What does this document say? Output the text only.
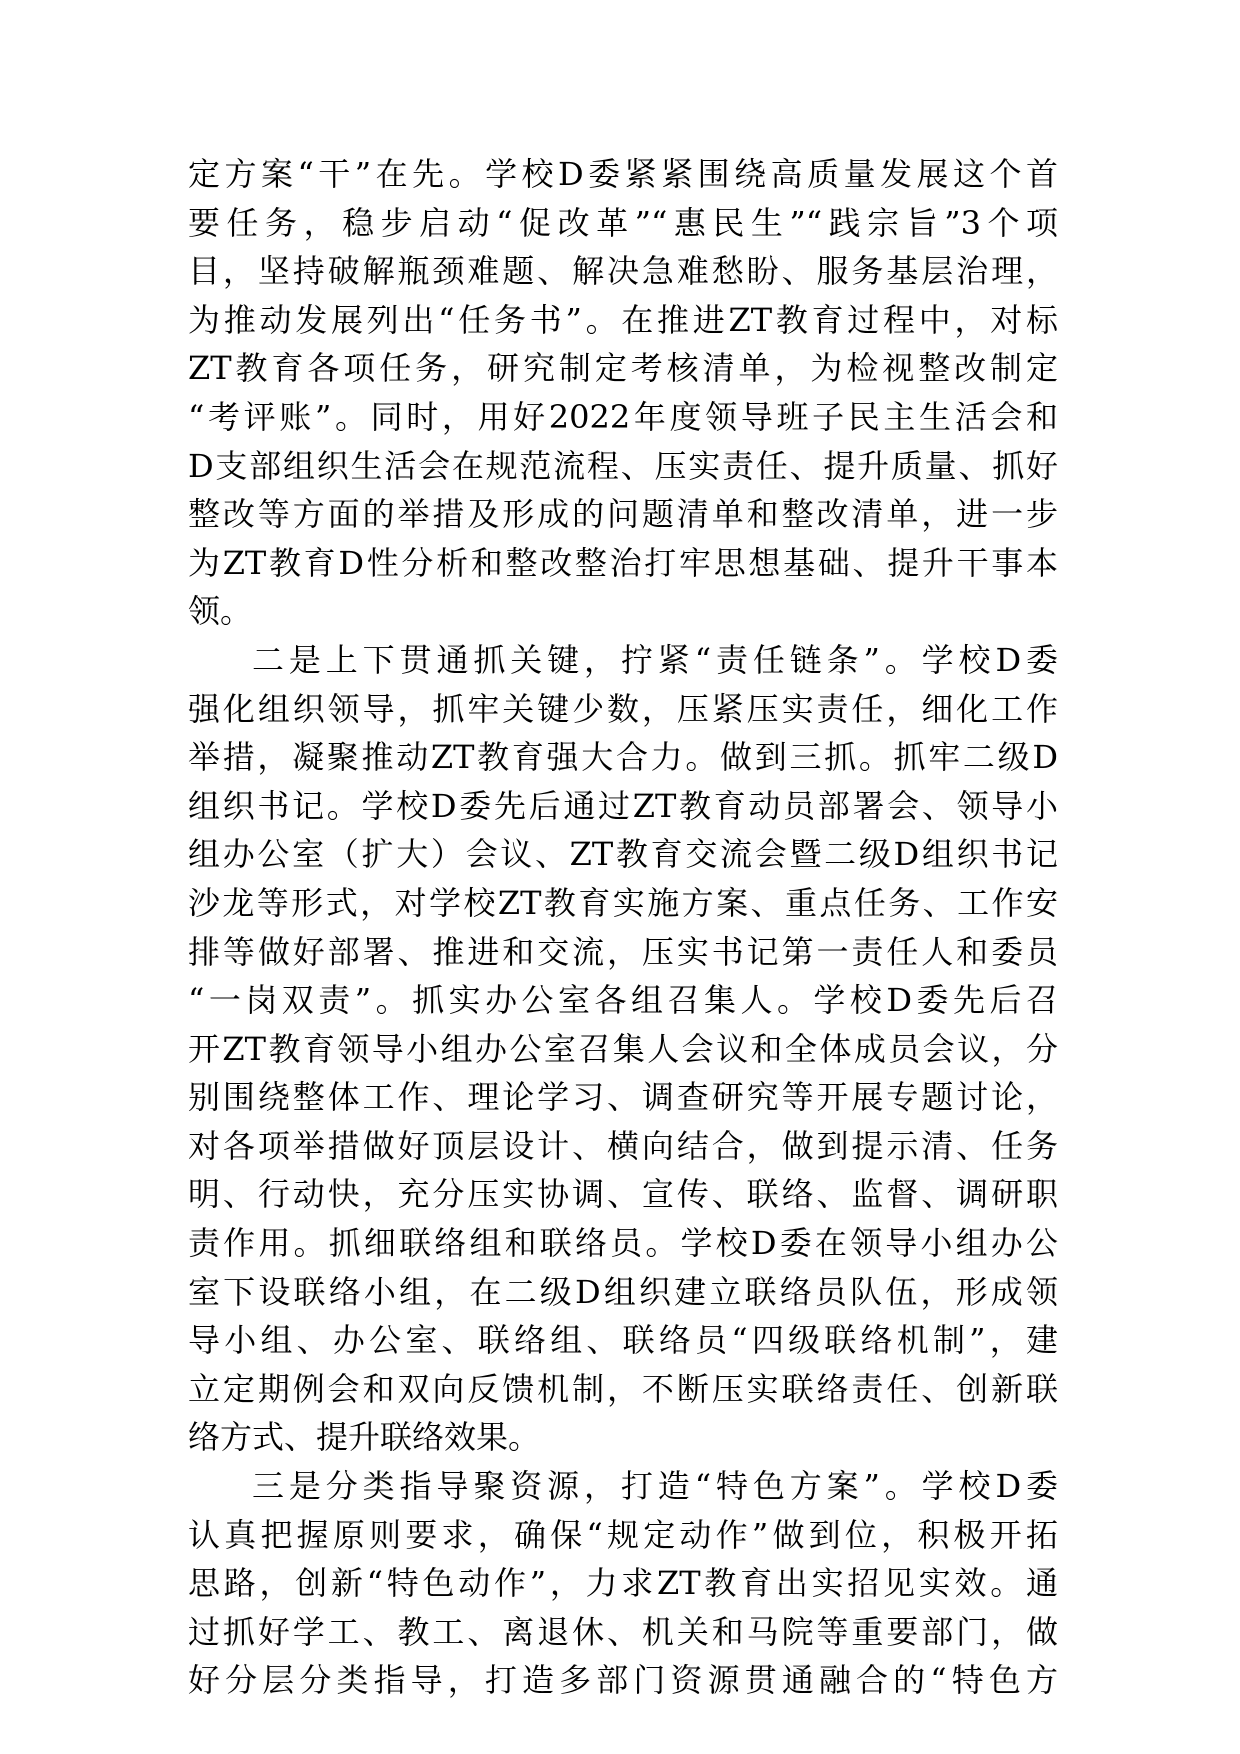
定方案“干”在先。学校D委紧紧围绕高质量发展这个首
要任务，稳步启动“促改革”“惠民生”“践宗旨”3个项
目，坚持破解瓶颈难题、解决急难愁盼、服务基层治理，
为推动发展列出“任务书”。在推进ZT教育过程中，对标
ZT教育各项任务，研究制定考核清单，为检视整改制定
“考评账”。同时，用好2022年度领导班子民主生活会和
D支部组织生活会在规范流程、压实责任、提升质量、抓好
整改等方面的举措及形成的问题清单和整改清单，进一步
为ZT教育D性分析和整改整治打牢思想基础、提升干事本
领。
二是上下贯通抓关键，拧紧“责任链条”。学校D委
强化组织领导，抓牢关键少数，压紧压实责任，细化工作
举措，凝聚推动ZT教育强大合力。做到三抓。抓牢二级D
组织书记。学校D委先后通过ZT教育动员部署会、领导小
组办公室（扩大）会议、ZT教育交流会暨二级D组织书记
沙龙等形式，对学校ZT教育实施方案、重点任务、工作安
排等做好部署、推进和交流，压实书记第一责任人和委员
“一岗双责”。抓实办公室各组召集人。学校D委先后召
开ZT教育领导小组办公室召集人会议和全体成员会议，分
别围绕整体工作、理论学习、调查研究等开展专题讨论，
对各项举措做好顶层设计、横向结合，做到提示清、任务
明、行动快，充分压实协调、宣传、联络、监督、调研职
责作用。抓细联络组和联络员。学校D委在领导小组办公
室下设联络小组，在二级D组织建立联络员队伍，形成领
导小组、办公室、联络组、联络员“四级联络机制”，建
立定期例会和双向反馈机制，不断压实联络责任、创新联
络方式、提升联络效果。
三是分类指导聚资源，打造“特色方案”。学校D委
认真把握原则要求，确保“规定动作”做到位，积极开拓
思路，创新“特色动作”，力求ZT教育出实招见实效。通
过抓好学工、教工、离退休、机关和马院等重要部门，做
好分层分类指导，打造多部门资源贯通融合的“特色方
